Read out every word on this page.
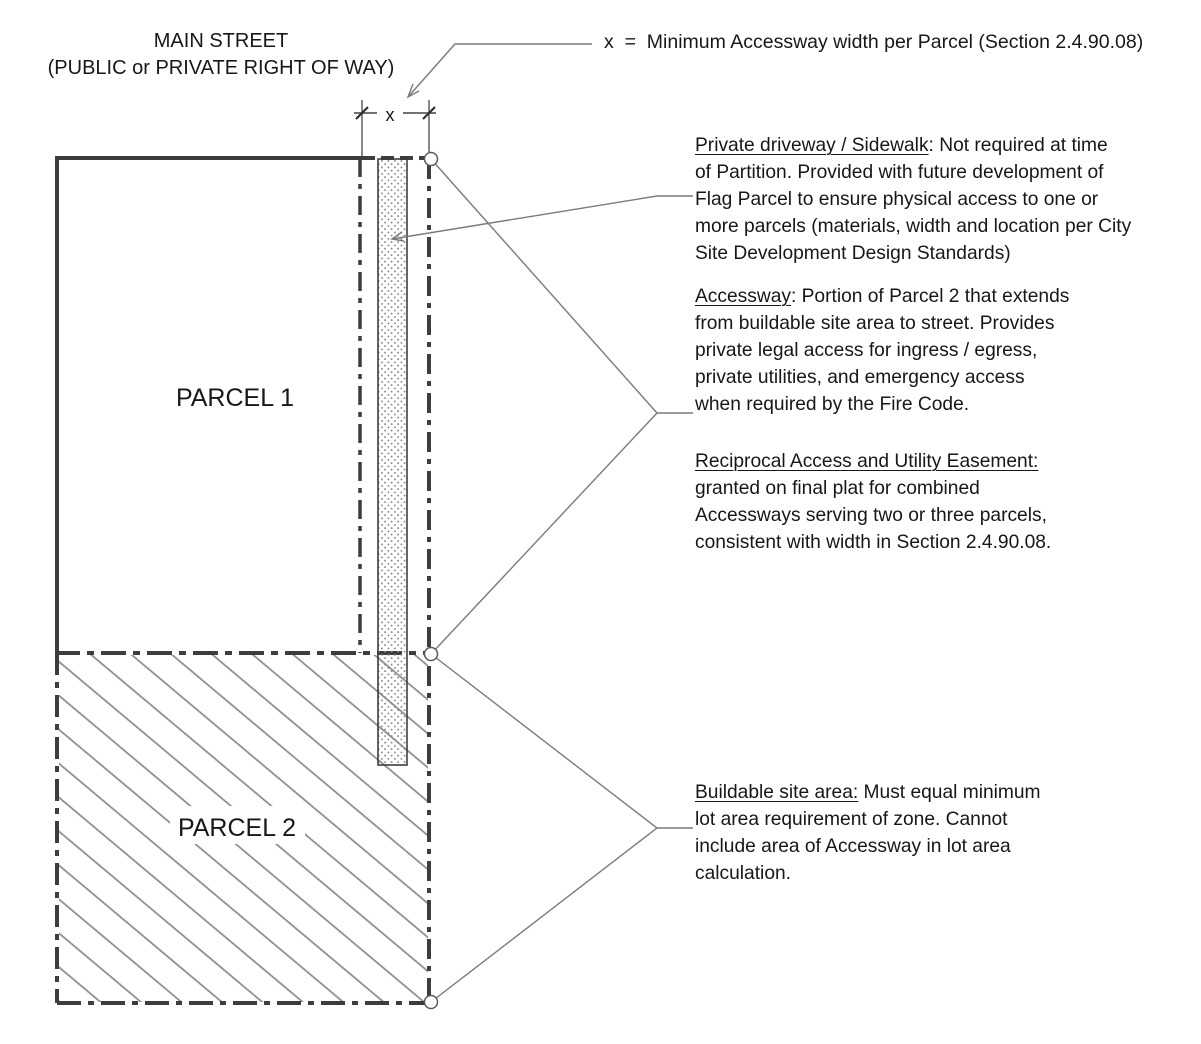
x
PARCEL 1
PARCEL 2
MAIN STREET
(PUBLIC or PRIVATE RIGHT OF WAY)
x  =  Minimum Accessway width per Parcel (Section 2.4.90.08)
Private driveway / Sidewalk: Not required at time
of Partition. Provided with future development of
Flag Parcel to ensure physical access to one or
more parcels (materials, width and location per City
Site Development Design Standards)
Accessway: Portion of Parcel 2 that extends
from buildable site area to street. Provides
private legal access for ingress / egress,
private utilities, and emergency access
when required by the Fire Code.
Reciprocal Access and Utility Easement:
granted on final plat for combined
Accessways serving two or three parcels,
consistent with width in Section 2.4.90.08.
Buildable site area: Must equal minimum
lot area requirement of zone. Cannot
include area of Accessway in lot area
calculation.
